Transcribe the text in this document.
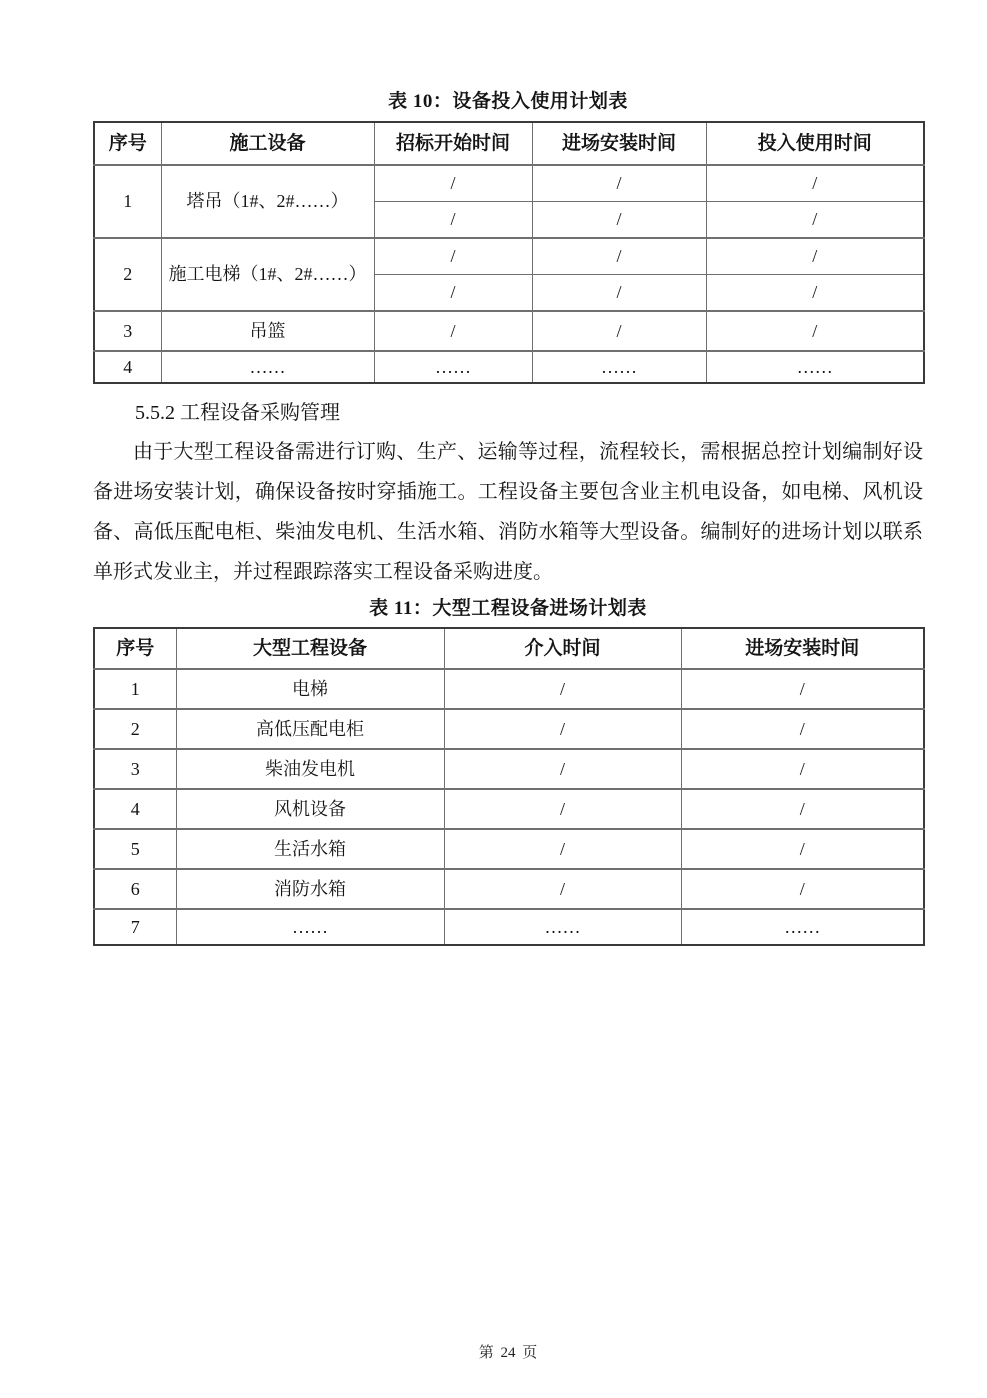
表 10：设备投入使用计划表
序号	施工设备	招标开始时间	进场安装时间	投入使用时间
1	塔吊（1#、2#……）	/	/	/
		/	/	/
2	施工电梯（1#、2#……）	/	/	/
		/	/	/
3	吊篮	/	/	/
4	……	……	……	……
5.5.2 工程设备采购管理
由于大型工程设备需进行订购、生产、运输等过程，流程较长，需根据总控计划编制好设
备进场安装计划，确保设备按时穿插施工。工程设备主要包含业主机电设备，如电梯、风机设
备、高低压配电柜、柴油发电机、生活水箱、消防水箱等大型设备。编制好的进场计划以联系
单形式发业主，并过程跟踪落实工程设备采购进度。
表 11：大型工程设备进场计划表
序号	大型工程设备	介入时间	进场安装时间
1	电梯	/	/
2	高低压配电柜	/	/
3	柴油发电机	/	/
4	风机设备	/	/
5	生活水箱	/	/
6	消防水箱	/	/
7	……	……	……
第 24 页
